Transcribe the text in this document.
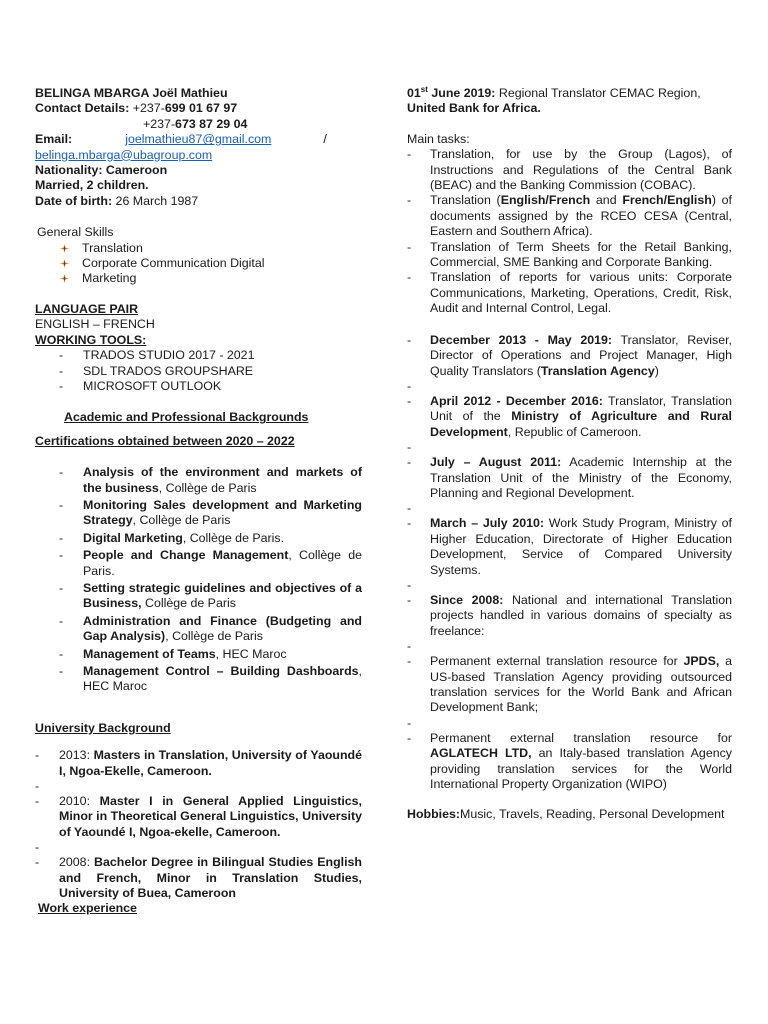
BELINGA MBARGA Joël Mathieu
Contact Details: +237-699 01 67 97
+237-673 87 29 04
Email:	joelmathieu87@gmail.com	/
belinga.mbarga@ubagroup.com
Nationality: Cameroon
Married, 2 children.
Date of birth: 26 March 1987
General Skills
Translation
Corporate Communication Digital
Marketing
LANGUAGE PAIR
ENGLISH – FRENCH
WORKING TOOLS:
- TRADOS STUDIO 2017 - 2021
- SDL TRADOS GROUPSHARE
- MICROSOFT OUTLOOK
Academic and Professional Backgrounds
Certifications obtained between 2020 – 2022
- Analysis of the environment and markets of the business, Collège de Paris
- Monitoring Sales development and Marketing Strategy, Collège de Paris
- Digital Marketing, Collège de Paris.
- People and Change Management, Collège de Paris.
- Setting strategic guidelines and objectives of a Business, Collège de Paris
- Administration and Finance (Budgeting and Gap Analysis), Collège de Paris
- Management of Teams, HEC Maroc
- Management Control – Building Dashboards, HEC Maroc
University Background
- 2013: Masters in Translation, University of Yaoundé I, Ngoa-Ekelle, Cameroon.
-
- 2010: Master I in General Applied Linguistics, Minor in Theoretical General Linguistics, University of Yaoundé I, Ngoa-ekelle, Cameroon.
-
- 2008: Bachelor Degree in Bilingual Studies English and French, Minor in Translation Studies, University of Buea, Cameroon
Work experience
01st June 2019: Regional Translator CEMAC Region,
United Bank for Africa.
Main tasks:
- Translation, for use by the Group (Lagos), of Instructions and Regulations of the Central Bank (BEAC) and the Banking Commission (COBAC).
- Translation (English/French and French/English) of documents assigned by the RCEO CESA (Central, Eastern and Southern Africa).
- Translation of Term Sheets for the Retail Banking, Commercial, SME Banking and Corporate Banking.
- Translation of reports for various units: Corporate Communications, Marketing, Operations, Credit, Risk, Audit and Internal Control, Legal.
- December 2013 - May 2019: Translator, Reviser, Director of Operations and Project Manager, High Quality Translators (Translation Agency)
-
- April 2012 - December 2016: Translator, Translation Unit of the Ministry of Agriculture and Rural Development, Republic of Cameroon.
-
- July – August 2011: Academic Internship at the Translation Unit of the Ministry of the Economy, Planning and Regional Development.
-
- March – July 2010: Work Study Program, Ministry of Higher Education, Directorate of Higher Education Development, Service of Compared University Systems.
-
- Since 2008: National and international Translation projects handled in various domains of specialty as freelance:
-
- Permanent external translation resource for JPDS, a US-based Translation Agency providing outsourced translation services for the World Bank and African Development Bank;
-
- Permanent external translation resource for AGLATECH LTD, an Italy-based translation Agency providing translation services for the World International Property Organization (WIPO)
Hobbies:Music, Travels, Reading, Personal Development
